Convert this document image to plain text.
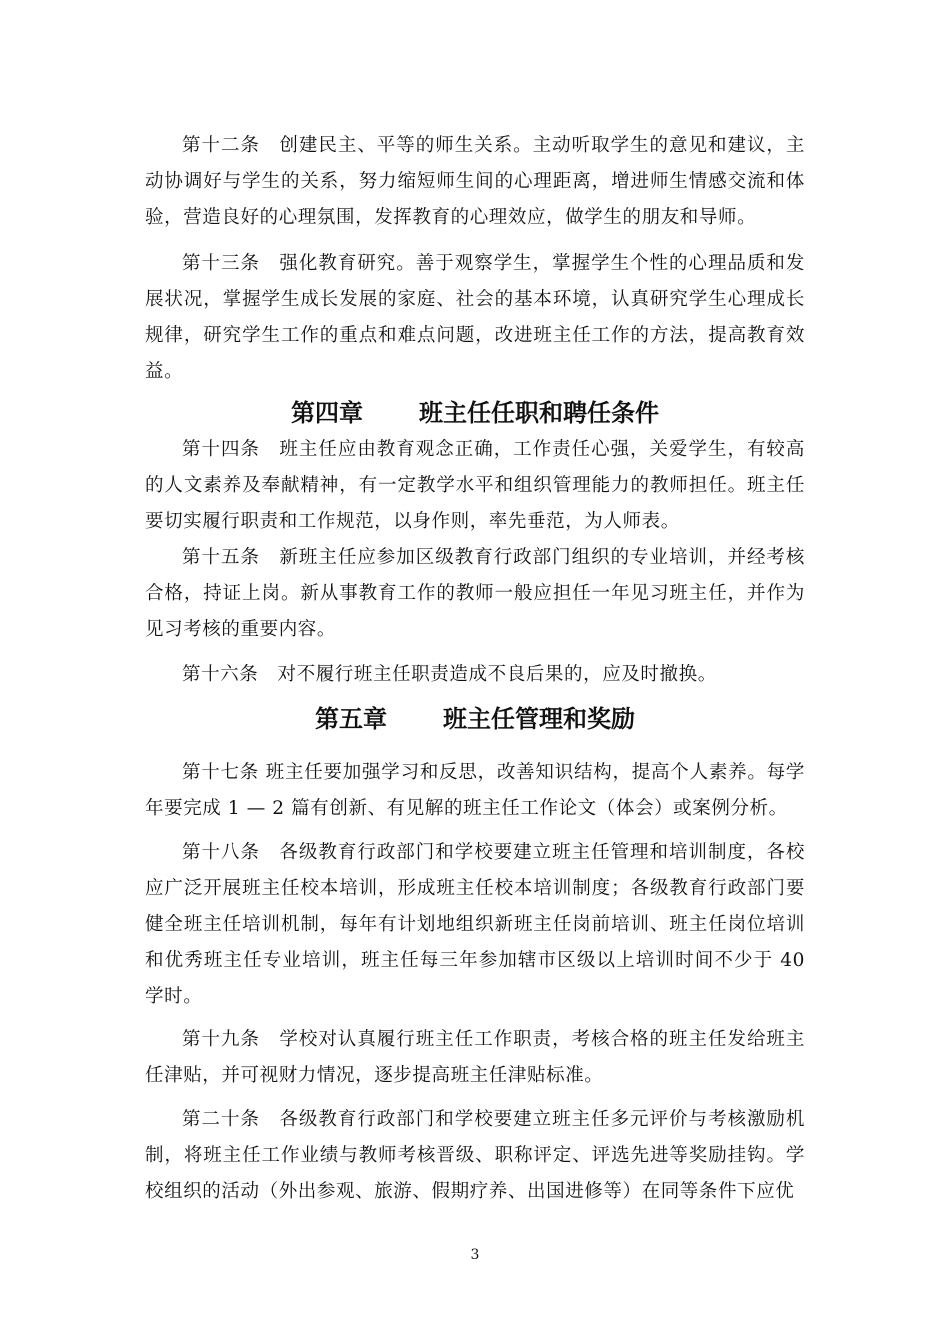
第十二条　创建民主、平等的师生关系。主动听取学生的意见和建议，主动协调好与学生的关系，努力缩短师生间的心理距离，增进师生情感交流和体验，营造良好的心理氛围，发挥教育的心理效应，做学生的朋友和导师。

第十三条　强化教育研究。善于观察学生，掌握学生个性的心理品质和发展状况，掌握学生成长发展的家庭、社会的基本环境，认真研究学生心理成长规律，研究学生工作的重点和难点问题，改进班主任工作的方法，提高教育效益。

第四章 班主任任职和聘任条件

第十四条　班主任应由教育观念正确，工作责任心强，关爱学生，有较高的人文素养及奉献精神，有一定教学水平和组织管理能力的教师担任。班主任要切实履行职责和工作规范，以身作则，率先垂范，为人师表。

第十五条　新班主任应参加区级教育行政部门组织的专业培训，并经考核合格，持证上岗。新从事教育工作的教师一般应担任一年见习班主任，并作为见习考核的重要内容。

第十六条　对不履行班主任职责造成不良后果的，应及时撤换。

第五章 班主任管理和奖励

第十七条 班主任要加强学习和反思，改善知识结构，提高个人素养。每学年要完成 1 — 2 篇有创新、有见解的班主任工作论文（体会）或案例分析。

第十八条　各级教育行政部门和学校要建立班主任管理和培训制度，各校应广泛开展班主任校本培训，形成班主任校本培训制度；各级教育行政部门要健全班主任培训机制，每年有计划地组织新班主任岗前培训、班主任岗位培训和优秀班主任专业培训，班主任每三年参加辖市区级以上培训时间不少于 40 学时。

第十九条　学校对认真履行班主任工作职责，考核合格的班主任发给班主任津贴，并可视财力情况，逐步提高班主任津贴标准。

第二十条　各级教育行政部门和学校要建立班主任多元评价与考核激励机制，将班主任工作业绩与教师考核晋级、职称评定、评选先进等奖励挂钩。学校组织的活动（外出参观、旅游、假期疗养、出国进修等）在同等条件下应优

3
